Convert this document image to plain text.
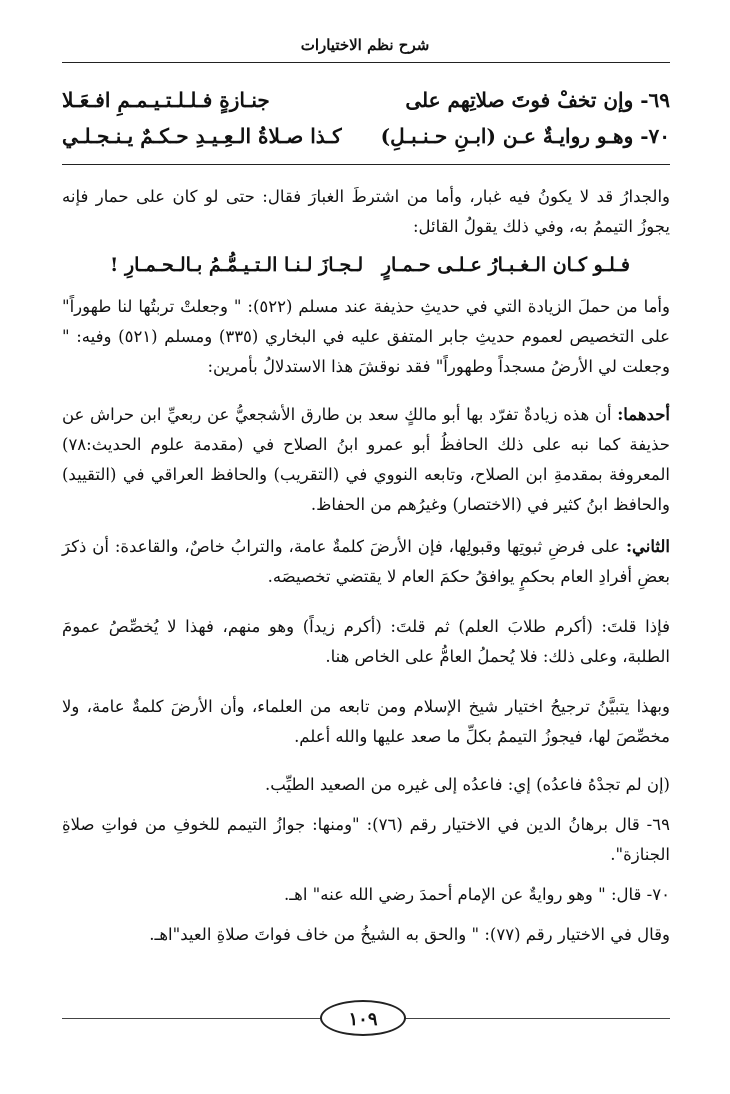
شرح نظم الاختيارات
٦٩- وإن تخفْ فوتَ صلاتِهم على
جنـازةٍ فـلـلـتـيـمـمِ افـعَـلا
٧٠- وهـو روايـةٌ عـن (ابـنِ حـنـبـلِ)
كـذا صـلاةُ الـعِـيـدِ حـكـمٌ يـنـجـلـي
والجدارُ قد لا يكونُ فيه غبار، وأما من اشترطَ الغبارَ فقال: حتى لو كان على حمار فإنه يجوزُ التيممُ به، وفي ذلك يقولُ القائل:
فـلـو كـان الـغـبـارُ عـلـى حـمـارٍ
لـجـازَ لـنـا الـتـيـمُّـمُ بـالـحـمـارِ !
وأما من حملَ الزيادة التي في حديثِ حذيفة عند مسلم (٥٢٢): " وجعلتْ تربتُها لنا طهوراً" على التخصيص لعموم حديثِ جابر المتفق عليه في البخاري (٣٣٥) ومسلم (٥٢١) وفيه: " وجعلت لي الأرضُ مسجداً وطهوراً" فقد نوقشَ هذا الاستدلالُ بأمرين:
أحدهما: أن هذه زيادةٌ تفرّد بها أبو مالكٍ سعد بن طارق الأشجعيُّ عن ربعيِّ ابن حراش عن حذيفة كما نبه على ذلك الحافظُ أبو عمرو ابنُ الصلاح في (مقدمة علوم الحديث:٧٨) المعروفة بمقدمةِ ابن الصلاح، وتابعه النووي في (التقريب) والحافظ العراقي في (التقييد) والحافظ ابنُ كثير في (الاختصار) وغيرُهم من الحفاظ.
الثاني: على فرضِ ثبوتِها وقبولِها، فإن الأرضَ كلمةٌ عامة، والترابُ خاصٌ، والقاعدة: أن ذكرَ بعضِ أفرادِ العام بحكمٍ يوافقُ حكمَ العام لا يقتضي تخصيصَه.
فإذا قلتَ: (أكرم طلابَ العلم) ثم قلتَ: (أكرم زيداً) وهو منهم، فهذا لا يُخصِّصُ عمومَ الطلبة، وعلى ذلك: فلا يُحملُ العامُّ على الخاص هنا.
وبهذا يتبيَّنُ ترجيحُ اختيار شيخ الإسلام ومن تابعه من العلماء، وأن الأرضَ كلمةٌ عامة، ولا مخصِّصَ لها، فيجوزُ التيممُ بكلِّ ما صعد عليها والله أعلم.
(إن لم تجدْهُ فاعدُه) إي: فاعدُه إلى غيره من الصعيد الطيِّب.
٦٩- قال برهانُ الدين في الاختيار رقم (٧٦): "ومنها: جوازُ التيمم للخوفِ من فواتِ صلاةِ الجنازة".
٧٠- قال: " وهو روايةٌ عن الإمام أحمدَ رضي الله عنه" اهـ.
وقال في الاختيار رقم (٧٧): " والحق به الشيخُ من خاف فواتَ صلاةِ العيد"اهـ.
١٠٩
